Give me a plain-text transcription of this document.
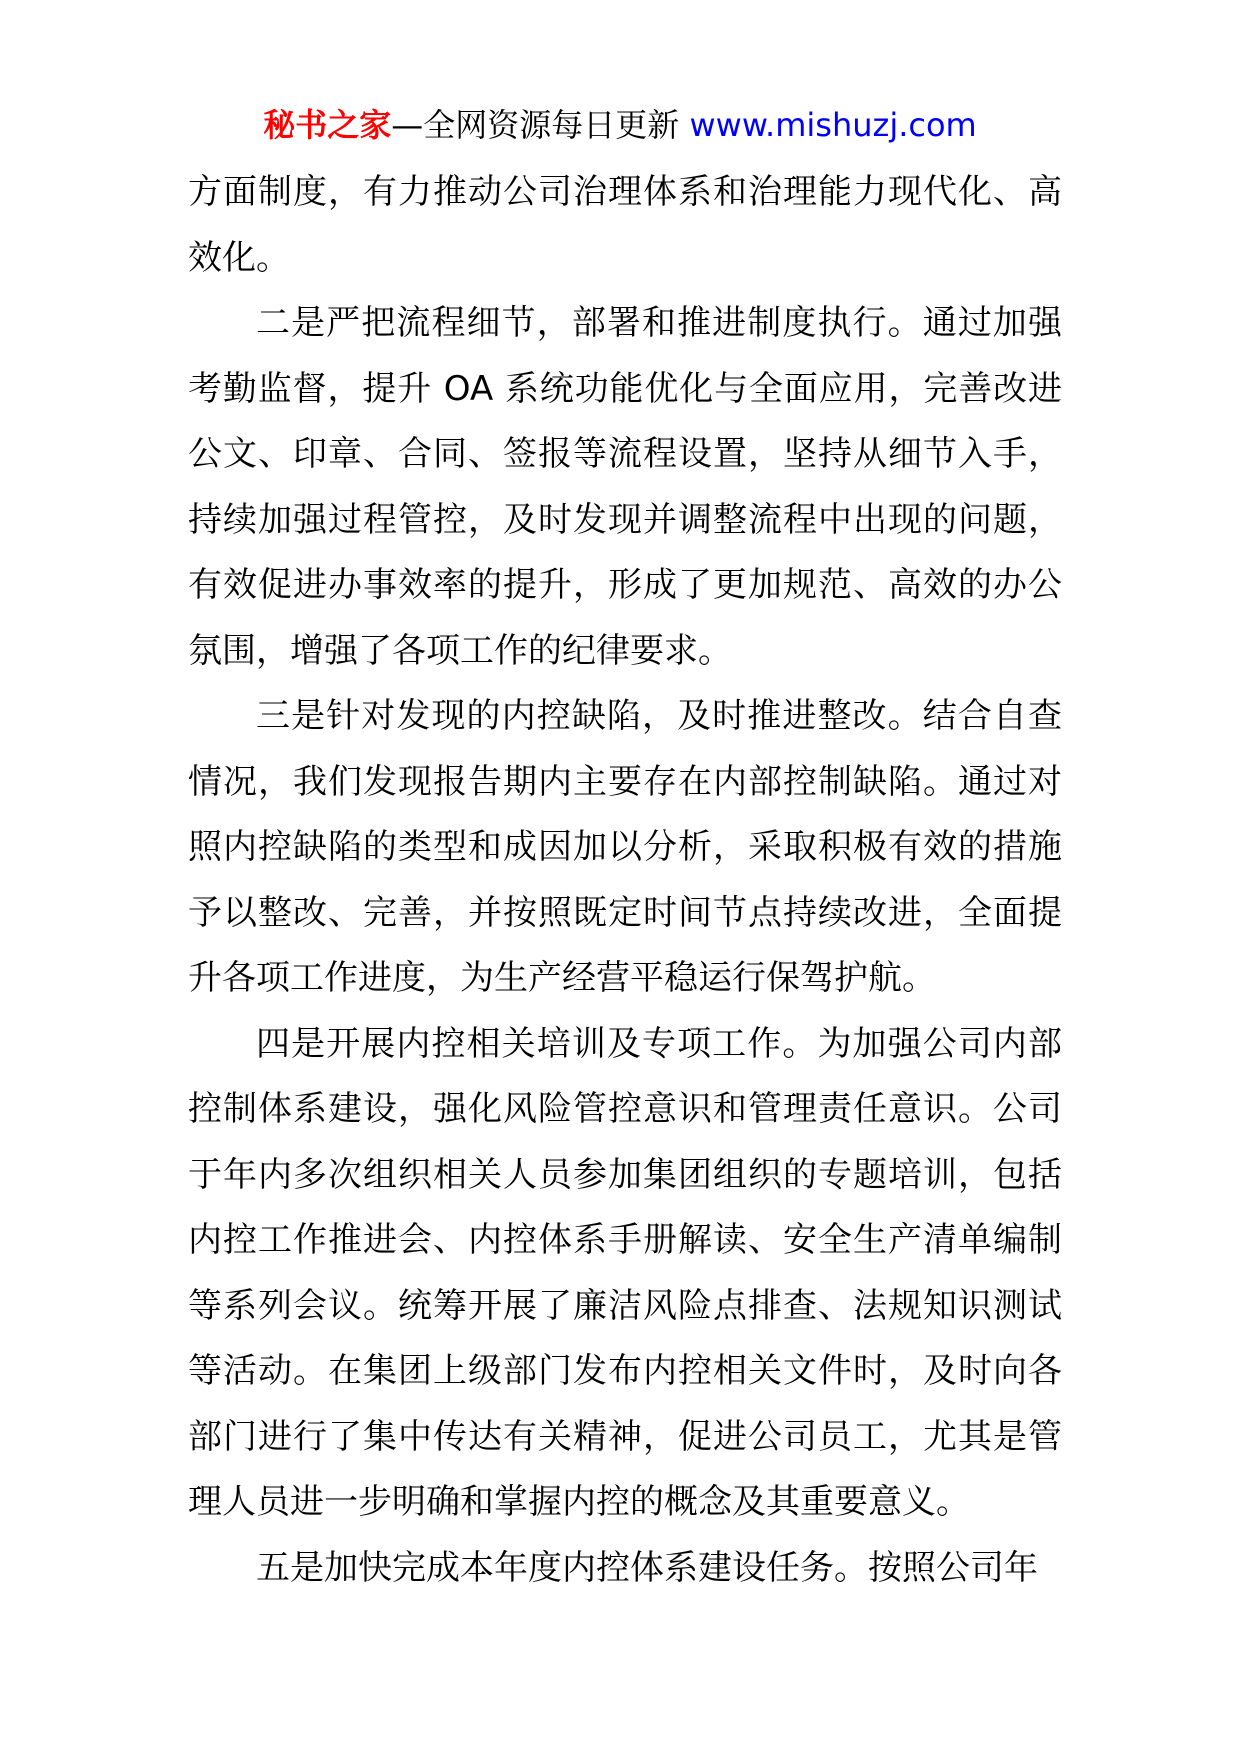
秘书之家—全网资源每日更新 www.mishuzj.com

方面制度，有力推动公司治理体系和治理能力现代化、高效化。

二是严把流程细节，部署和推进制度执行。通过加强考勤监督，提升 OA 系统功能优化与全面应用，完善改进公文、印章、合同、签报等流程设置，坚持从细节入手，持续加强过程管控，及时发现并调整流程中出现的问题，有效促进办事效率的提升，形成了更加规范、高效的办公氛围，增强了各项工作的纪律要求。

三是针对发现的内控缺陷，及时推进整改。结合自查情况，我们发现报告期内主要存在内部控制缺陷。通过对照内控缺陷的类型和成因加以分析，采取积极有效的措施予以整改、完善，并按照既定时间节点持续改进，全面提升各项工作进度，为生产经营平稳运行保驾护航。

四是开展内控相关培训及专项工作。为加强公司内部控制体系建设，强化风险管控意识和管理责任意识。公司于年内多次组织相关人员参加集团组织的专题培训，包括内控工作推进会、内控体系手册解读、安全生产清单编制等系列会议。统筹开展了廉洁风险点排查、法规知识测试等活动。在集团上级部门发布内控相关文件时，及时向各部门进行了集中传达有关精神，促进公司员工，尤其是管理人员进一步明确和掌握内控的概念及其重要意义。

五是加快完成本年度内控体系建设任务。按照公司年
